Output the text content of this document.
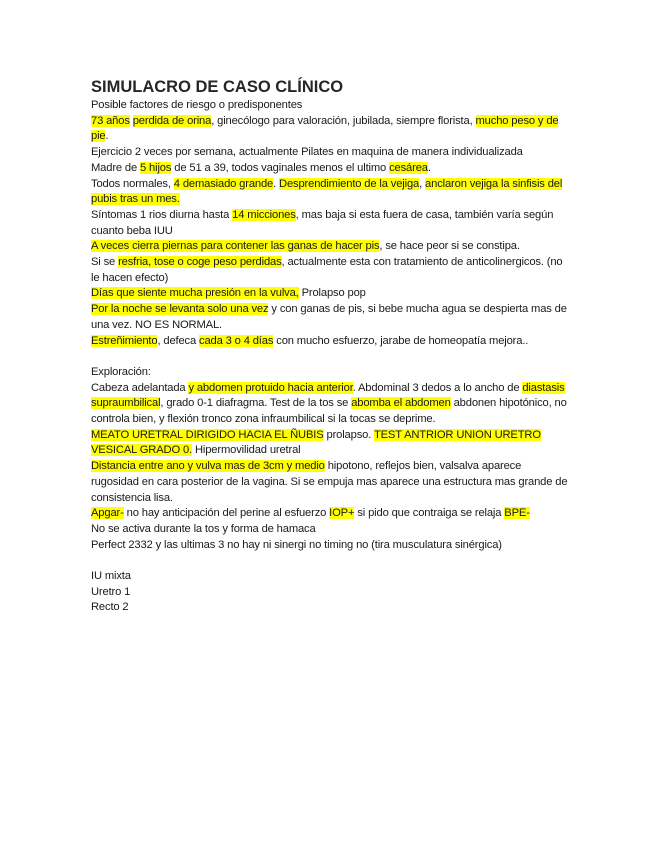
SIMULACRO DE CASO CLÍNICO

Posible factores de riesgo o predisponentes

73 años perdida de orina, ginecólogo para valoración, jubilada, siempre florista, mucho peso y de pie.

Ejercicio 2 veces por semana, actualmente Pilates en maquina de manera individualizada

Madre de 5 hijos de 51 a 39, todos vaginales menos el ultimo cesárea.

Todos normales, 4 demasiado grande. Desprendimiento de la vejiga, anclaron vejiga la sinfisis del pubis tras un mes.

Síntomas 1 rios diurna hasta 14 micciones, mas baja si esta fuera de casa, también varía según cuanto beba IUU

A veces cierra piernas para contener las ganas de hacer pis, se hace peor si se constipa.

Si se resfria, tose o coge peso perdidas, actualmente esta con tratamiento de anticolinergicos. (no le hacen efecto)

Días que siente mucha presión en la vulva, Prolapso pop

Por la noche se levanta solo una vez y con ganas de pis, si bebe mucha agua se despierta mas de una vez. NO ES NORMAL.

Estreñimiento, defeca cada 3 o 4 días con mucho esfuerzo, jarabe de homeopatía mejora..

Exploración:

Cabeza adelantada y abdomen protuido hacia anterior. Abdominal 3 dedos a lo ancho de diastasis supraumbilical, grado 0-1 diafragma. Test de la tos se abomba el abdomen abdonen hipotónico, no controla bien, y flexión tronco zona infraumbilical si la tocas se deprime.

MEATO URETRAL DIRIGIDO HACIA EL ÑUBIS prolapso. TEST ANTRIOR UNION URETRO VESICAL GRADO 0. Hipermovilidad uretral

Distancia entre ano y vulva mas de 3cm y medio hipotono, reflejos bien, valsalva aparece rugosidad en cara posterior de la vagina. Si se empuja mas aparece una estructura mas grande de consistencia lisa.

Apgar- no hay anticipación del perine al esfuerzo IOP+ si pido que contraiga se relaja BPE-

No se activa durante la tos y forma de hamaca

Perfect 2332 y las ultimas 3 no hay ni sinergi no timing no (tira musculatura sinérgica)

IU mixta

Uretro 1

Recto 2
